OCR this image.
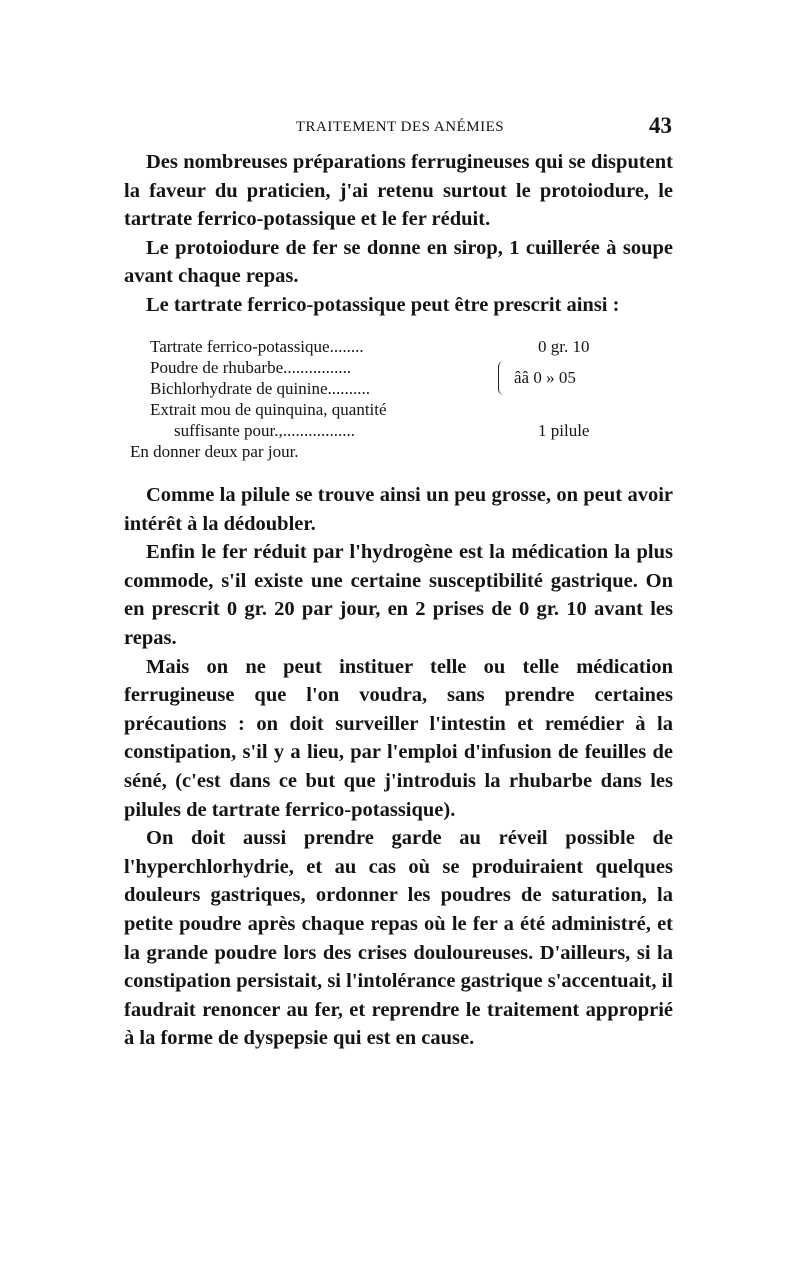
TRAITEMENT DES ANÉMIES	43

Des nombreuses préparations ferrugineuses qui se disputent la faveur du praticien, j'ai retenu surtout le protoiodure, le tartrate ferrico-potassique et le fer réduit.

Le protoiodure de fer se donne en sirop, 1 cuillerée à soupe avant chaque repas.

Le tartrate ferrico-potassique peut être prescrit ainsi :

Tartrate ferrico-potassique........	0 gr. 10
Poudre de rhubarbe................
Bichlorhydrate de quinine..........
ââ 0 » 05
Extrait mou de quinquina, quantité
suffisante pour.,.................	1 pilule
En donner deux par jour.

Comme la pilule se trouve ainsi un peu grosse, on peut avoir intérêt à la dédoubler.

Enfin le fer réduit par l'hydrogène est la médication la plus commode, s'il existe une certaine susceptibilité gastrique. On en prescrit 0 gr. 20 par jour, en 2 prises de 0 gr. 10 avant les repas.

Mais on ne peut instituer telle ou telle médication ferrugineuse que l'on voudra, sans prendre certaines précautions : on doit surveiller l'intestin et remédier à la constipation, s'il y a lieu, par l'emploi d'infusion de feuilles de séné, (c'est dans ce but que j'introduis la rhubarbe dans les pilules de tartrate ferrico-potassique).

On doit aussi prendre garde au réveil possible de l'hyperchlorhydrie, et au cas où se produiraient quelques douleurs gastriques, ordonner les poudres de saturation, la petite poudre après chaque repas où le fer a été administré, et la grande poudre lors des crises douloureuses. D'ailleurs, si la constipation persistait, si l'intolérance gastrique s'accentuait, il faudrait renoncer au fer, et reprendre le traitement approprié à la forme de dyspepsie qui est en cause.
